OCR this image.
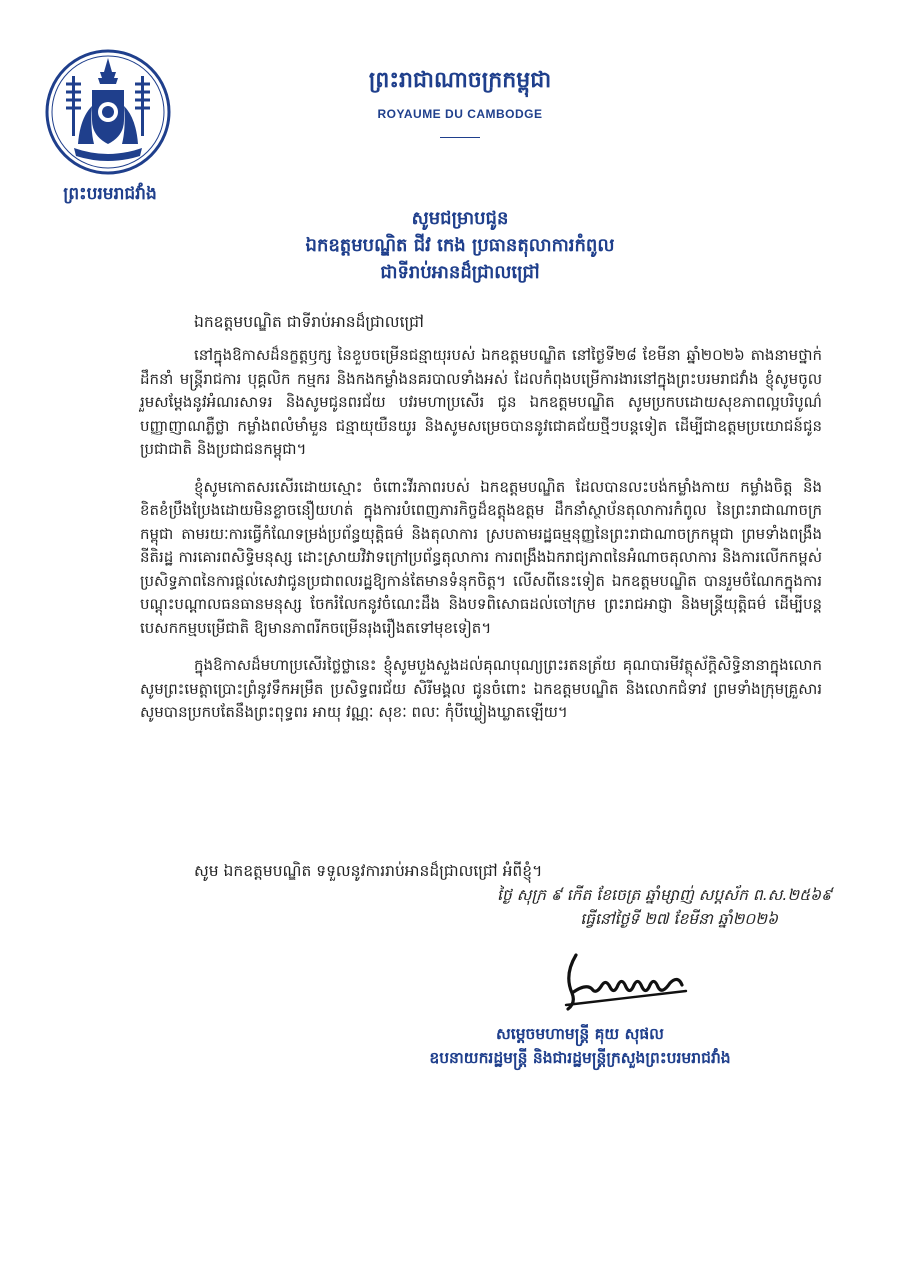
ព្រះបរមរាជវាំង
ព្រះរាជាណាចក្រកម្ពុជា
ROYAUME DU CAMBODGE
សូមជម្រាបជូន
ឯកឧត្តមបណ្ឌិត ជីវ កេង ប្រធានតុលាការកំពូល
ជាទីរាប់អានដ៏ជ្រាលជ្រៅ
ឯកឧត្តមបណ្ឌិត ជាទីរាប់អានដ៏ជ្រាលជ្រៅ

នៅក្នុងឱកាសដ៏នក្ខត្តឫក្ស នៃខួបចម្រើនជន្មាយុរបស់ ឯកឧត្តមបណ្ឌិត នៅថ្ងៃទី២៨ ខែមីនា ឆ្នាំ២០២៦ តាងនាមថ្នាក់ដឹកនាំ មន្ត្រីរាជការ បុគ្គលិក កម្មករ និងកងកម្លាំងនគរបាលទាំងអស់ ដែលកំពុងបម្រើការងារនៅក្នុងព្រះបរមរាជវាំង ខ្ញុំសូមចូលរួមសម្តែងនូវអំណរសាទរ និងសូមជូនពរជ័យ បវរមហាប្រសើរ ជូន ឯកឧត្តមបណ្ឌិត សូមប្រកបដោយសុខភាពល្អបរិបូណ៌ បញ្ញាញាណភ្លឺថ្លា កម្លាំងពលំមាំមួន ជន្មាយុយឺនយូរ និងសូមសម្រេចបាននូវជោគជ័យថ្មីៗបន្តទៀត ដើម្បីជាឧត្តមប្រយោជន៍ជូនប្រជាជាតិ និងប្រជាជនកម្ពុជា។

ខ្ញុំសូមកោតសរសើរដោយស្មោះ ចំពោះវីរភាពរបស់ ឯកឧត្តមបណ្ឌិត ដែលបានលះបង់កម្លាំងកាយ កម្លាំងចិត្ត និងខិតខំប្រឹងប្រែងដោយមិនខ្លាចនឿយហត់ ក្នុងការបំពេញភារកិច្ចដ៏ឧត្តុងឧត្តម ដឹកនាំស្ថាប័នតុលាការកំពូល នៃព្រះរាជាណាចក្រកម្ពុជា តាមរយៈការធ្វើកំណែទម្រង់ប្រព័ន្ធយុត្តិធម៌ និងតុលាការ ស្របតាមរដ្ឋធម្មនុញ្ញនៃព្រះរាជាណាចក្រកម្ពុជា ព្រមទាំងពង្រឹងនីតិរដ្ឋ ការគោរពសិទ្ធិមនុស្ស ដោះស្រាយវិវាទក្រៅប្រព័ន្ធតុលាការ ការពង្រឹងឯករាជ្យភាពនៃអំណាចតុលាការ និងការលើកកម្ពស់ប្រសិទ្ធភាពនៃការផ្តល់សេវាជូនប្រជាពលរដ្ឋឱ្យកាន់តែមានទំនុកចិត្ត។ លើសពីនេះទៀត ឯកឧត្តមបណ្ឌិត បានរួមចំណែកក្នុងការបណ្តុះបណ្តាលធនធានមនុស្ស ចែករំលែកនូវចំណេះដឹង និងបទពិសោធដល់ចៅក្រម ព្រះរាជអាជ្ញា និងមន្ត្រីយុត្តិធម៌ ដើម្បីបន្តបេសកកម្មបម្រើជាតិ ឱ្យមានភាពរីកចម្រើនរុងរឿងតទៅមុខទៀត។

ក្នុងឱកាសដ៏មហាប្រសើរថ្លៃថ្លានេះ ខ្ញុំសូមបួងសួងដល់គុណបុណ្យព្រះរតនត្រ័យ គុណបារមីវត្ថុស័ក្តិសិទ្ធិនានាក្នុងលោក សូមព្រះមេត្តាប្រោះព្រំនូវទឹកអម្រឹត ប្រសិទ្ធពរជ័យ សិរីមង្គល ជូនចំពោះ ឯកឧត្តមបណ្ឌិត និងលោកជំទាវ ព្រមទាំងក្រុមគ្រួសារ សូមបានប្រកបតែនឹងព្រះពុទ្ធពរ អាយុ វណ្ណៈ សុខៈ ពលៈ កុំបីឃ្លៀងឃ្លាតឡើយ។

សូម ឯកឧត្តមបណ្ឌិត ទទួលនូវការរាប់អានដ៏ជ្រាលជ្រៅ អំពីខ្ញុំ។
ថ្ងៃ សុក្រ ៩ កើត ខែចេត្រ ឆ្នាំម្សាញ់ សប្តស័ក ព.ស.២៥៦៩
ធ្វើនៅថ្ងៃទី ២៧ ខែមីនា ឆ្នាំ២០២៦
សម្តេចមហាមន្ត្រី គុយ សុផល
ឧបនាយករដ្ឋមន្ត្រី និងជារដ្ឋមន្ត្រីក្រសួងព្រះបរមរាជវាំង
